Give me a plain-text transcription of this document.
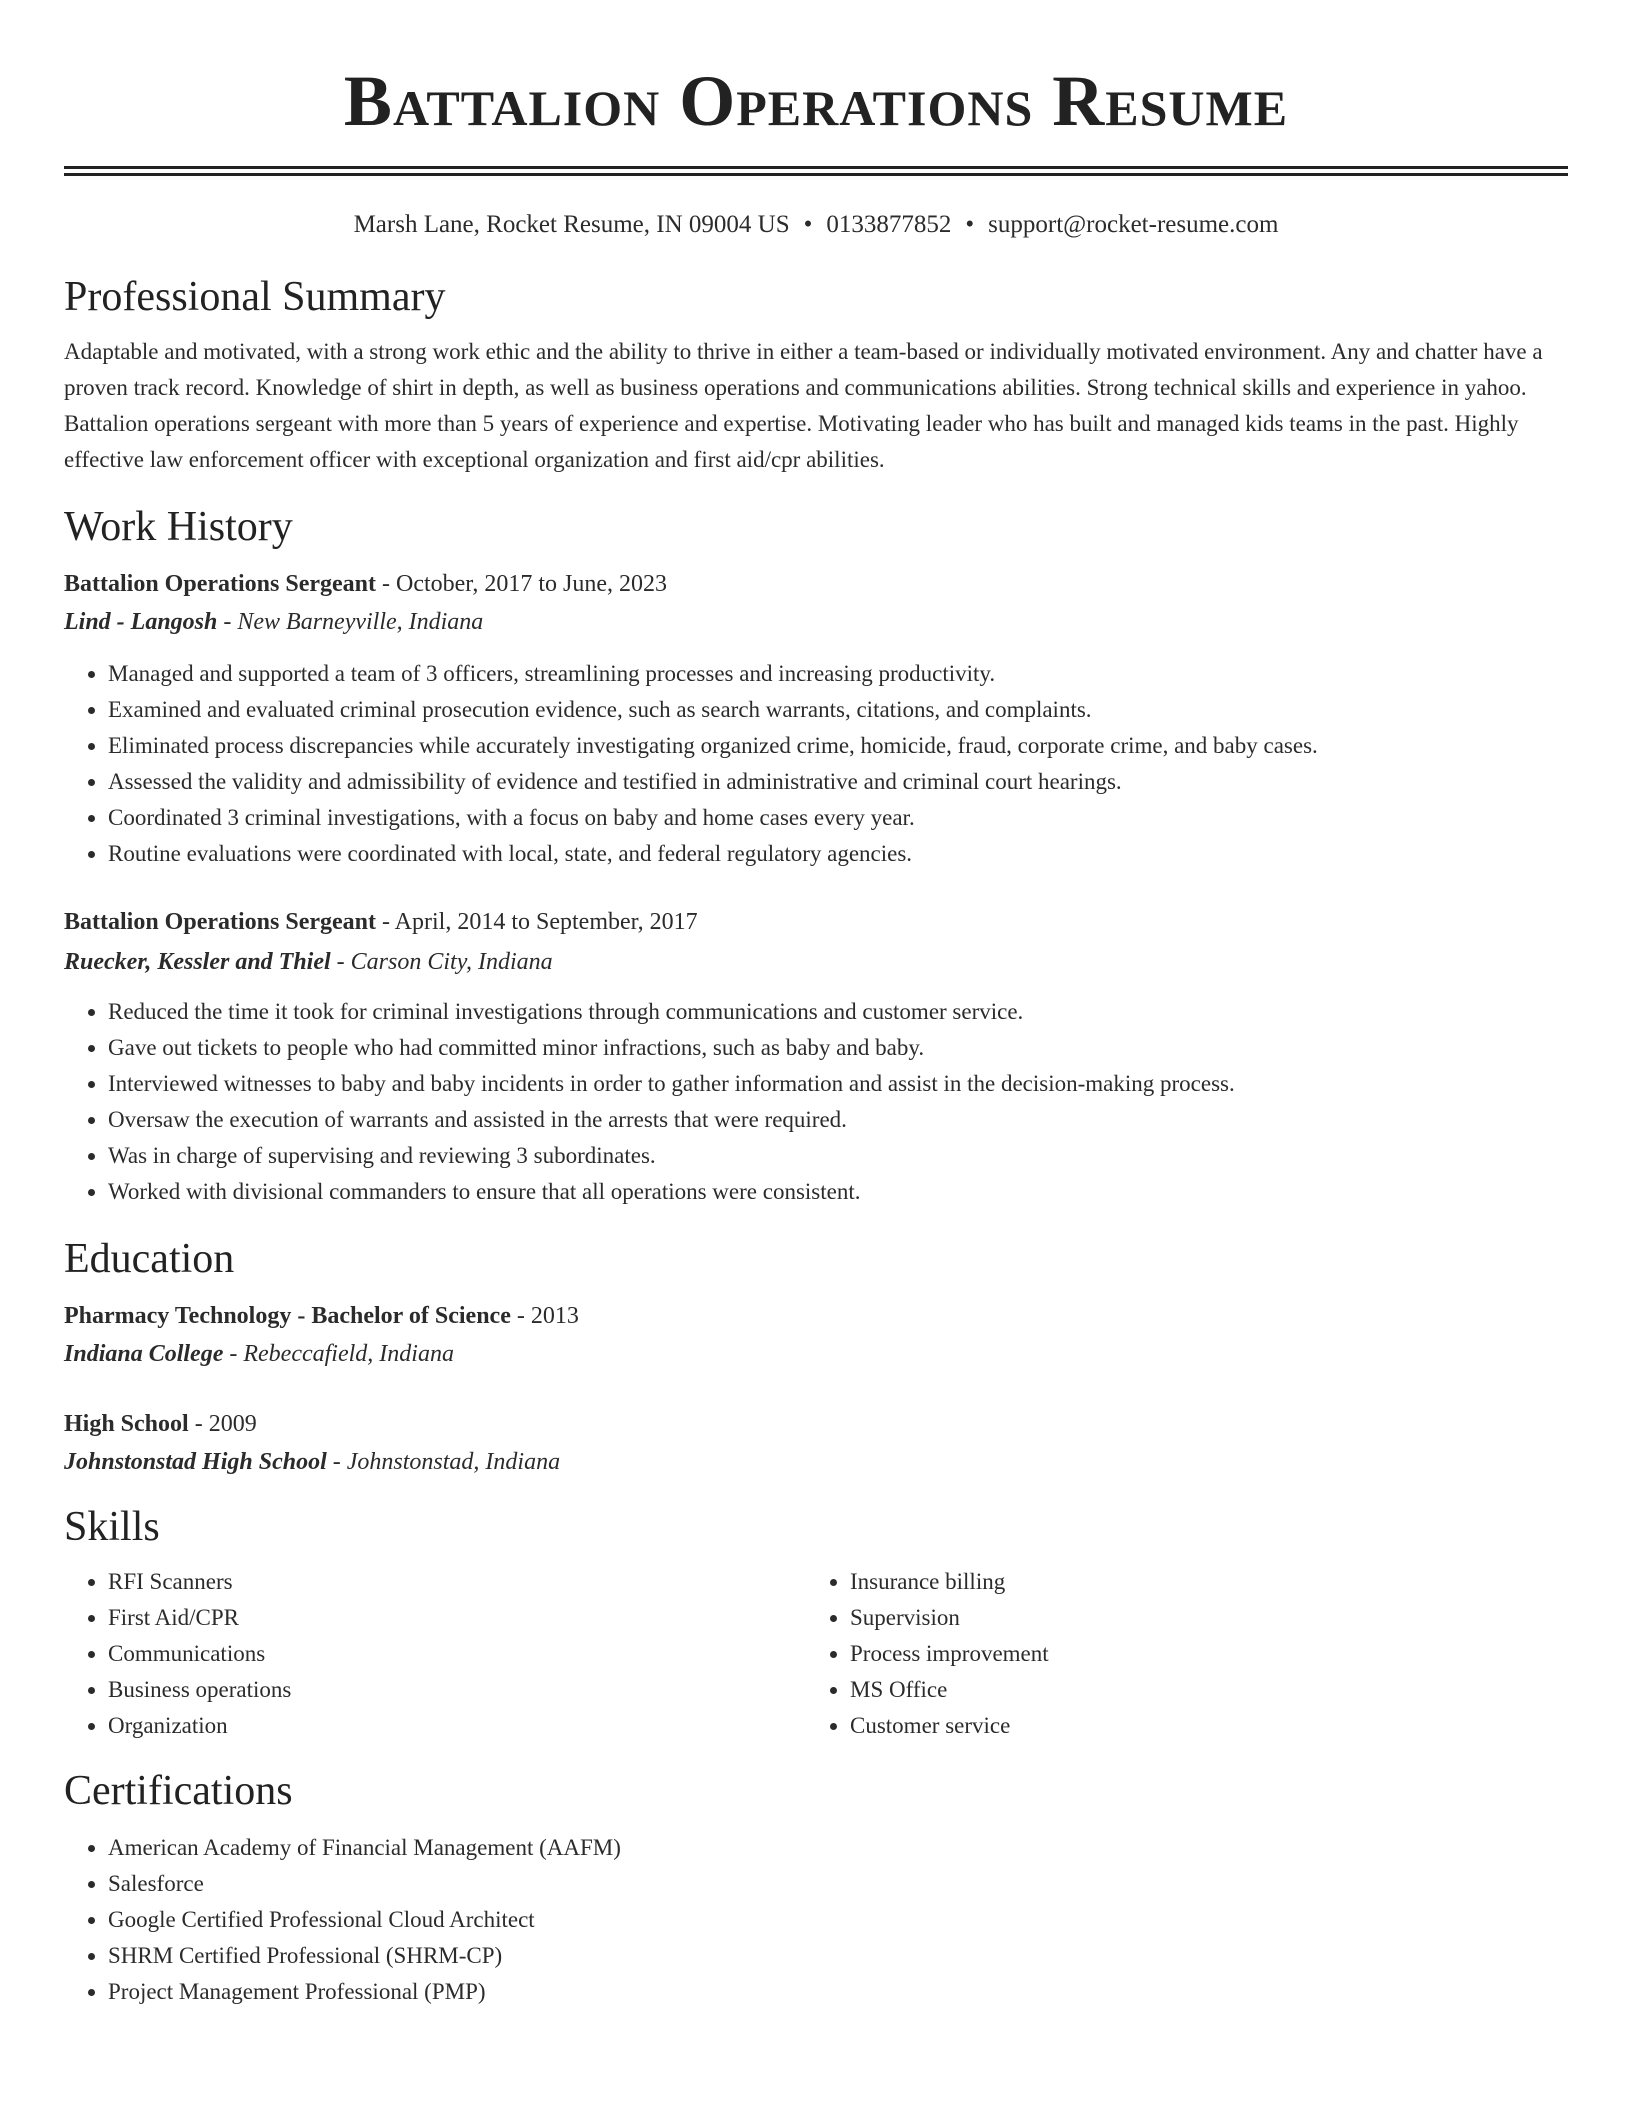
Battalion Operations Resume
Marsh Lane, Rocket Resume, IN 09004 US • 0133877852 • support@rocket-resume.com
Professional Summary

Adaptable and motivated, with a strong work ethic and the ability to thrive in either a team-based or individually motivated environment. Any and chatter have a proven track record. Knowledge of shirt in depth, as well as business operations and communications abilities. Strong technical skills and experience in yahoo. Battalion operations sergeant with more than 5 years of experience and expertise. Motivating leader who has built and managed kids teams in the past. Highly effective law enforcement officer with exceptional organization and first aid/cpr abilities.

Work History
Battalion Operations Sergeant - October, 2017 to June, 2023
Lind - Langosh - New Barneyville, Indiana
• Managed and supported a team of 3 officers, streamlining processes and increasing productivity.
• Examined and evaluated criminal prosecution evidence, such as search warrants, citations, and complaints.
• Eliminated process discrepancies while accurately investigating organized crime, homicide, fraud, corporate crime, and baby cases.
• Assessed the validity and admissibility of evidence and testified in administrative and criminal court hearings.
• Coordinated 3 criminal investigations, with a focus on baby and home cases every year.
• Routine evaluations were coordinated with local, state, and federal regulatory agencies.
Battalion Operations Sergeant - April, 2014 to September, 2017
Ruecker, Kessler and Thiel - Carson City, Indiana
• Reduced the time it took for criminal investigations through communications and customer service.
• Gave out tickets to people who had committed minor infractions, such as baby and baby.
• Interviewed witnesses to baby and baby incidents in order to gather information and assist in the decision-making process.
• Oversaw the execution of warrants and assisted in the arrests that were required.
• Was in charge of supervising and reviewing 3 subordinates.
• Worked with divisional commanders to ensure that all operations were consistent.
Education
Pharmacy Technology - Bachelor of Science - 2013
Indiana College - Rebeccafield, Indiana
High School - 2009
Johnstonstad High School - Johnstonstad, Indiana
Skills
• RFI Scanners
• First Aid/CPR
• Communications
• Business operations
• Organization
• Insurance billing
• Supervision
• Process improvement
• MS Office
• Customer service
Certifications
• American Academy of Financial Management (AAFM)
• Salesforce
• Google Certified Professional Cloud Architect
• SHRM Certified Professional (SHRM-CP)
• Project Management Professional (PMP)
